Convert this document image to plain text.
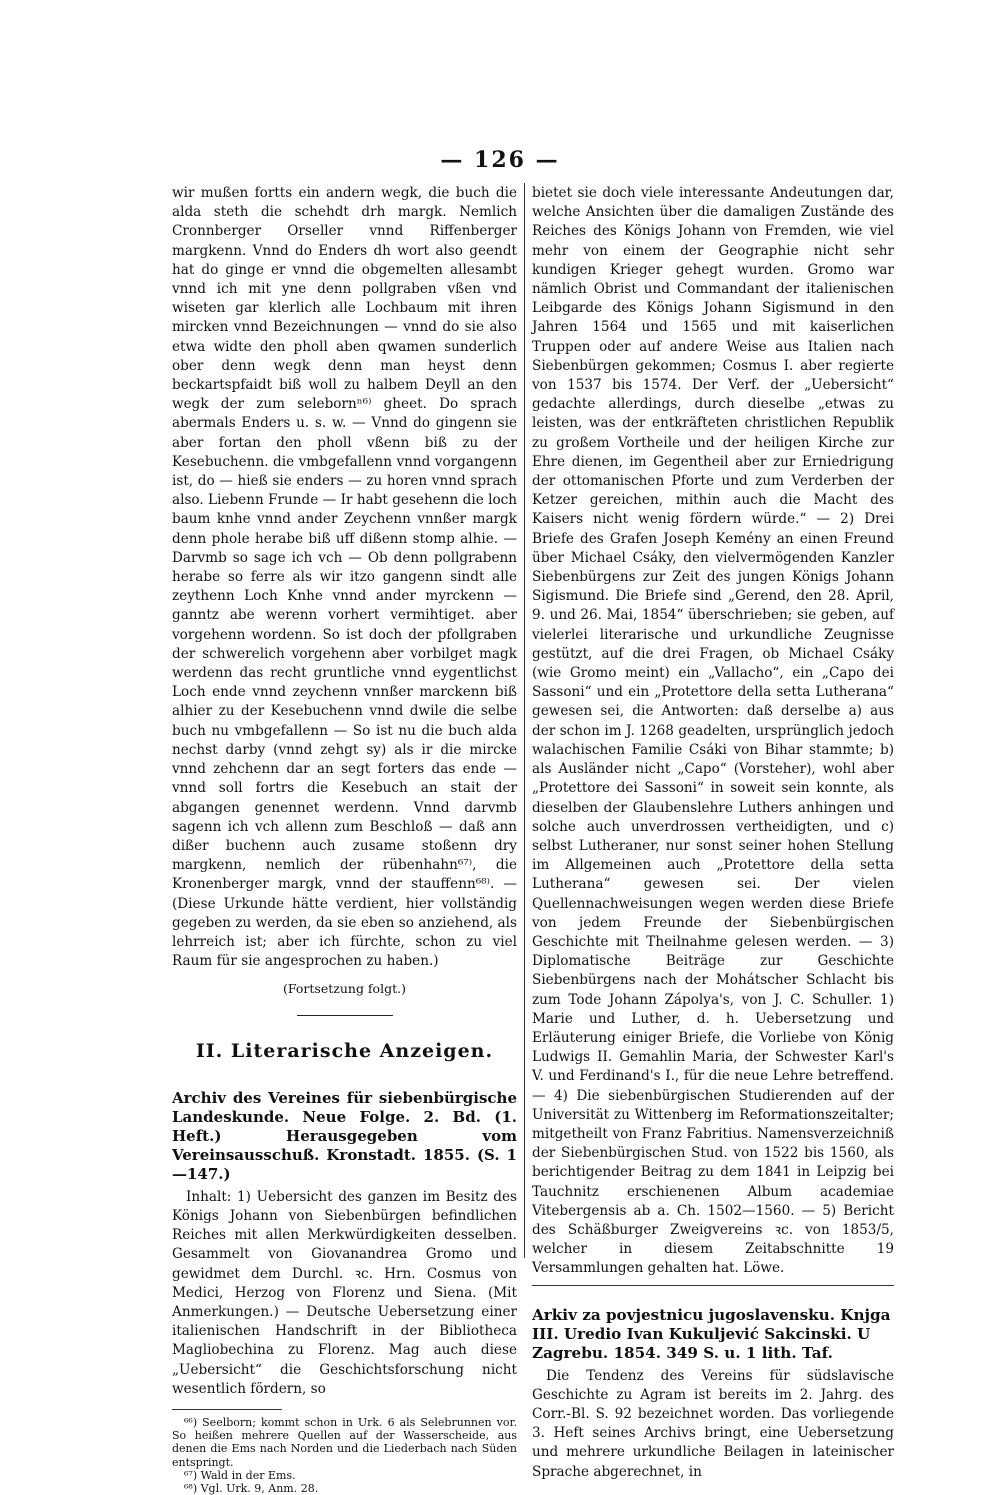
— 126 —

wir mußen fortts ein andern wegk, die buch die alda steth die schehdt drh margk. Nemlich Cronnberger Orseller vnnd Riffenberger margkenn. Vnnd do Enders dh wort also geendt hat do ginge er vnnd die obgemelten allesambt vnnd ich mit yne denn pollgraben vßen vnd wiseten gar klerlich alle Lochbaum mit ihren mircken vnnd Bezeichnungen — vnnd do sie also etwa widte den pholl aben qwamen sunderlich ober denn wegk denn man heyst denn beckartspfaidt biß woll zu halbem Deyll an den wegk der zum selebornⁿ⁶⁾ gheet. Do sprach abermals Enders u. s. w. — Vnnd do gingenn sie aber fortan den pholl vßenn biß zu der Kesebuchenn. die vmbgefallenn vnnd vorgangenn ist, do — hieß sie enders — zu horen vnnd sprach also. Liebenn Frunde — Ir habt gesehenn die loch baum knhe vnnd ander Zeychenn vnnßer margk denn phole herabe biß uff dißenn stomp alhie. — Darvmb so sage ich vch — Ob denn pollgrabenn herabe so ferre als wir itzo gangenn sindt alle zeythenn Loch Knhe vnnd ander myrckenn — ganntz abe werenn vorhert vermihtiget. aber vorgehenn wordenn. So ist doch der pfollgraben der schwerelich vorgehenn aber vorbilget magk werdenn das recht gruntliche vnnd eygentlichst Loch ende vnnd zeychenn vnnßer marckenn biß alhier zu der Kesebuchenn vnnd dwile die selbe buch nu vmbgefallenn — So ist nu die buch alda nechst darby (vnnd zehgt sy) als ir die mircke vnnd zehchenn dar an segt forters das ende — vnnd soll fortrs die Kesebuch an stait der abgangen genennet werdenn. Vnnd darvmb sagenn ich vch allenn zum Beschloß — daß ann dißer buchenn auch zusame stoßenn dry margkenn, nemlich der rübenhahn⁶⁷⁾, die Kronenberger margk, vnnd der stauffenn⁶⁸⁾. — (Diese Urkunde hätte verdient, hier vollständig gegeben zu werden, da sie eben so anziehend, als lehrreich ist; aber ich fürchte, schon zu viel Raum für sie angesprochen zu haben.)

(Fortsetzung folgt.)

II. Literarische Anzeigen.

Archiv des Vereines für siebenbürgische Landeskunde. Neue Folge. 2. Bd. (1. Heft.) Herausgegeben vom Vereinsausschuß. Kronstadt. 1855. (S. 1—147.)

Inhalt: 1) Uebersicht des ganzen im Besitz des Königs Johann von Siebenbürgen befindlichen Reiches mit allen Merkwürdigkeiten desselben. Gesammelt von Giovanandrea Gromo und gewidmet dem Durchl. ꝛc. Hrn. Cosmus von Medici, Herzog von Florenz und Siena. (Mit Anmerkungen.) — Deutsche Uebersetzung einer italienischen Handschrift in der Bibliotheca Magliobechina zu Florenz. Mag auch diese „Uebersicht“ die Geschichtsforschung nicht wesentlich fördern, so

⁶⁶) Seelborn; kommt schon in Urk. 6 als Selebrunnen vor. So heißen mehrere Quellen auf der Wasserscheide, aus denen die Ems nach Norden und die Liederbach nach Süden entspringt.

⁶⁷) Wald in der Ems.

⁶⁸) Vgl. Urk. 9, Anm. 28.

bietet sie doch viele interessante Andeutungen dar, welche Ansichten über die damaligen Zustände des Reiches des Königs Johann von Fremden, wie viel mehr von einem der Geographie nicht sehr kundigen Krieger gehegt wurden. Gromo war nämlich Obrist und Commandant der italienischen Leibgarde des Königs Johann Sigismund in den Jahren 1564 und 1565 und mit kaiserlichen Truppen oder auf andere Weise aus Italien nach Siebenbürgen gekommen; Cosmus I. aber regierte von 1537 bis 1574. Der Verf. der „Uebersicht“ gedachte allerdings, durch dieselbe „etwas zu leisten, was der entkräfteten christlichen Republik zu großem Vortheile und der heiligen Kirche zur Ehre dienen, im Gegentheil aber zur Erniedrigung der ottomanischen Pforte und zum Verderben der Ketzer gereichen, mithin auch die Macht des Kaisers nicht wenig fördern würde.“ — 2) Drei Briefe des Grafen Joseph Kemény an einen Freund über Michael Csáky, den vielvermögenden Kanzler Siebenbürgens zur Zeit des jungen Königs Johann Sigismund. Die Briefe sind „Gerend, den 28. April, 9. und 26. Mai, 1854“ überschrieben; sie geben, auf vielerlei literarische und urkundliche Zeugnisse gestützt, auf die drei Fragen, ob Michael Csáky (wie Gromo meint) ein „Vallacho“, ein „Capo dei Sassoni“ und ein „Protettore della setta Lutherana“ gewesen sei, die Antworten: daß derselbe a) aus der schon im J. 1268 geadelten, ursprünglich jedoch walachischen Familie Csáki von Bihar stammte; b) als Ausländer nicht „Capo“ (Vorsteher), wohl aber „Protettore dei Sassoni“ in soweit sein konnte, als dieselben der Glaubenslehre Luthers anhingen und solche auch unverdrossen vertheidigten, und c) selbst Lutheraner, nur sonst seiner hohen Stellung im Allgemeinen auch „Protettore della setta Lutherana“ gewesen sei. Der vielen Quellennachweisungen wegen werden diese Briefe von jedem Freunde der Siebenbürgischen Geschichte mit Theilnahme gelesen werden. — 3) Diplomatische Beiträge zur Geschichte Siebenbürgens nach der Mohátscher Schlacht bis zum Tode Johann Zápolya's, von J. C. Schuller. 1) Marie und Luther, d. h. Uebersetzung und Erläuterung einiger Briefe, die Vorliebe von König Ludwigs II. Gemahlin Maria, der Schwester Karl's V. und Ferdinand's I., für die neue Lehre betreffend. — 4) Die siebenbürgischen Studierenden auf der Universität zu Wittenberg im Reformationszeitalter; mitgetheilt von Franz Fabritius. Namensverzeichniß der Siebenbürgischen Stud. von 1522 bis 1560, als berichtigender Beitrag zu dem 1841 in Leipzig bei Tauchnitz erschienenen Album academiae Vitebergensis ab a. Ch. 1502—1560. — 5) Bericht des Schäßburger Zweigvereins ꝛc. von 1853/5, welcher in diesem Zeitabschnitte 19 Versammlungen gehalten hat. Löwe.

Arkiv za povjestnicu jugoslavensku. Knjga III. Uredio Ivan Kukuljević Sakcinski. U Zagrebu. 1854. 349 S. u. 1 lith. Taf.

Die Tendenz des Vereins für südslavische Geschichte zu Agram ist bereits im 2. Jahrg. des Corr.-Bl. S. 92 bezeichnet worden. Das vorliegende 3. Heft seines Archivs bringt, eine Uebersetzung und mehrere urkundliche Beilagen in lateinischer Sprache abgerechnet, in
